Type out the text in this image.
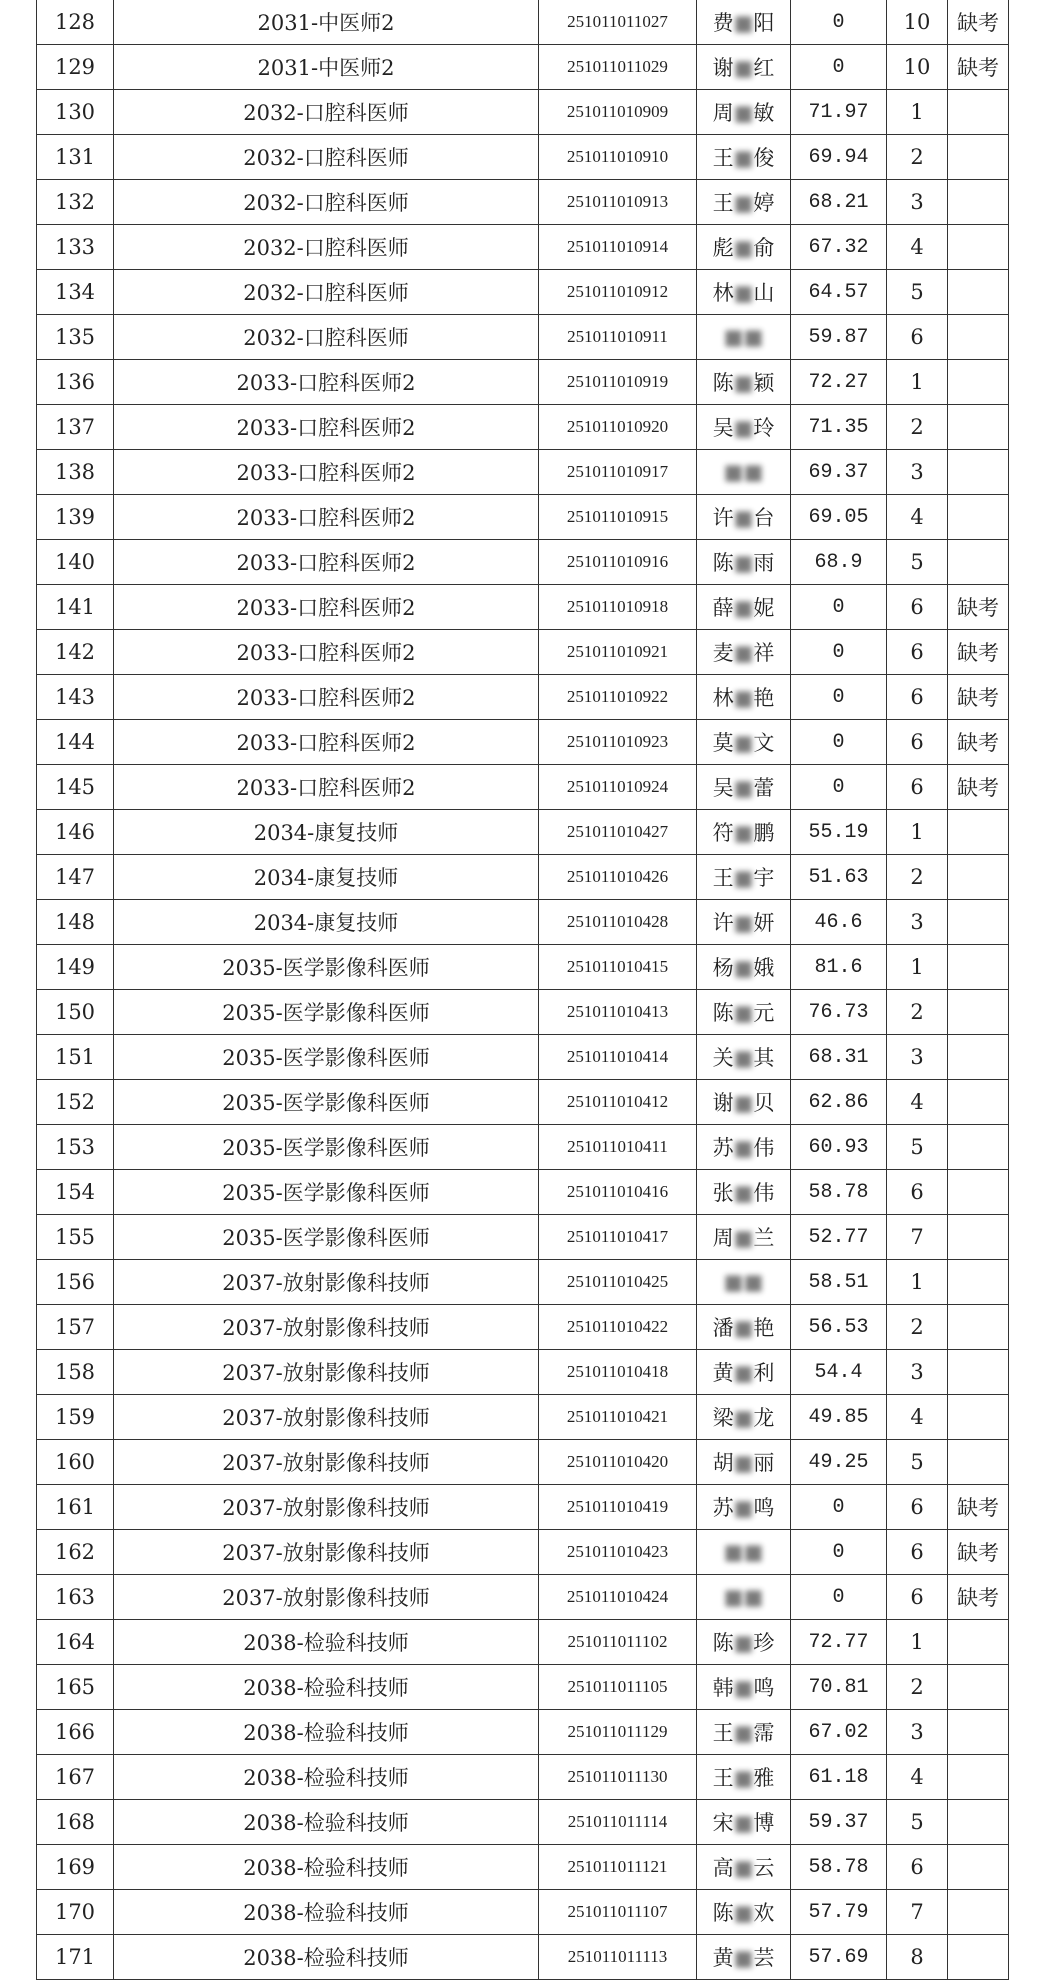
128	2031-中医师2	251011011027	费■阳	0	10	缺考
129	2031-中医师2	251011011029	谢■红	0	10	缺考
130	2032-口腔科医师	251011010909	周■敏	71.97	1	
131	2032-口腔科医师	251011010910	王■俊	69.94	2	
132	2032-口腔科医师	251011010913	王■婷	68.21	3	
133	2032-口腔科医师	251011010914	彪■俞	67.32	4	
134	2032-口腔科医师	251011010912	林■山	64.57	5	
135	2032-口腔科医师	251011010911	■■	59.87	6	
136	2033-口腔科医师2	251011010919	陈■颖	72.27	1	
137	2033-口腔科医师2	251011010920	吴■玲	71.35	2	
138	2033-口腔科医师2	251011010917	■■	69.37	3	
139	2033-口腔科医师2	251011010915	许■台	69.05	4	
140	2033-口腔科医师2	251011010916	陈■雨	68.9	5	
141	2033-口腔科医师2	251011010918	薛■妮	0	6	缺考
142	2033-口腔科医师2	251011010921	麦■祥	0	6	缺考
143	2033-口腔科医师2	251011010922	林■艳	0	6	缺考
144	2033-口腔科医师2	251011010923	莫■文	0	6	缺考
145	2033-口腔科医师2	251011010924	吴■蕾	0	6	缺考
146	2034-康复技师	251011010427	符■鹏	55.19	1	
147	2034-康复技师	251011010426	王■宇	51.63	2	
148	2034-康复技师	251011010428	许■妍	46.6	3	
149	2035-医学影像科医师	251011010415	杨■娥	81.6	1	
150	2035-医学影像科医师	251011010413	陈■元	76.73	2	
151	2035-医学影像科医师	251011010414	关■其	68.31	3	
152	2035-医学影像科医师	251011010412	谢■贝	62.86	4	
153	2035-医学影像科医师	251011010411	苏■伟	60.93	5	
154	2035-医学影像科医师	251011010416	张■伟	58.78	6	
155	2035-医学影像科医师	251011010417	周■兰	52.77	7	
156	2037-放射影像科技师	251011010425	■■	58.51	1	
157	2037-放射影像科技师	251011010422	潘■艳	56.53	2	
158	2037-放射影像科技师	251011010418	黄■利	54.4	3	
159	2037-放射影像科技师	251011010421	梁■龙	49.85	4	
160	2037-放射影像科技师	251011010420	胡■丽	49.25	5	
161	2037-放射影像科技师	251011010419	苏■鸣	0	6	缺考
162	2037-放射影像科技师	251011010423	■■	0	6	缺考
163	2037-放射影像科技师	251011010424	■■	0	6	缺考
164	2038-检验科技师	251011011102	陈■珍	72.77	1	
165	2038-检验科技师	251011011105	韩■鸣	70.81	2	
166	2038-检验科技师	251011011129	王■霈	67.02	3	
167	2038-检验科技师	251011011130	王■雅	61.18	4	
168	2038-检验科技师	251011011114	宋■博	59.37	5	
169	2038-检验科技师	251011011121	高■云	58.78	6	
170	2038-检验科技师	251011011107	陈■欢	57.79	7	
171	2038-检验科技师	251011011113	黄■芸	57.69	8	
